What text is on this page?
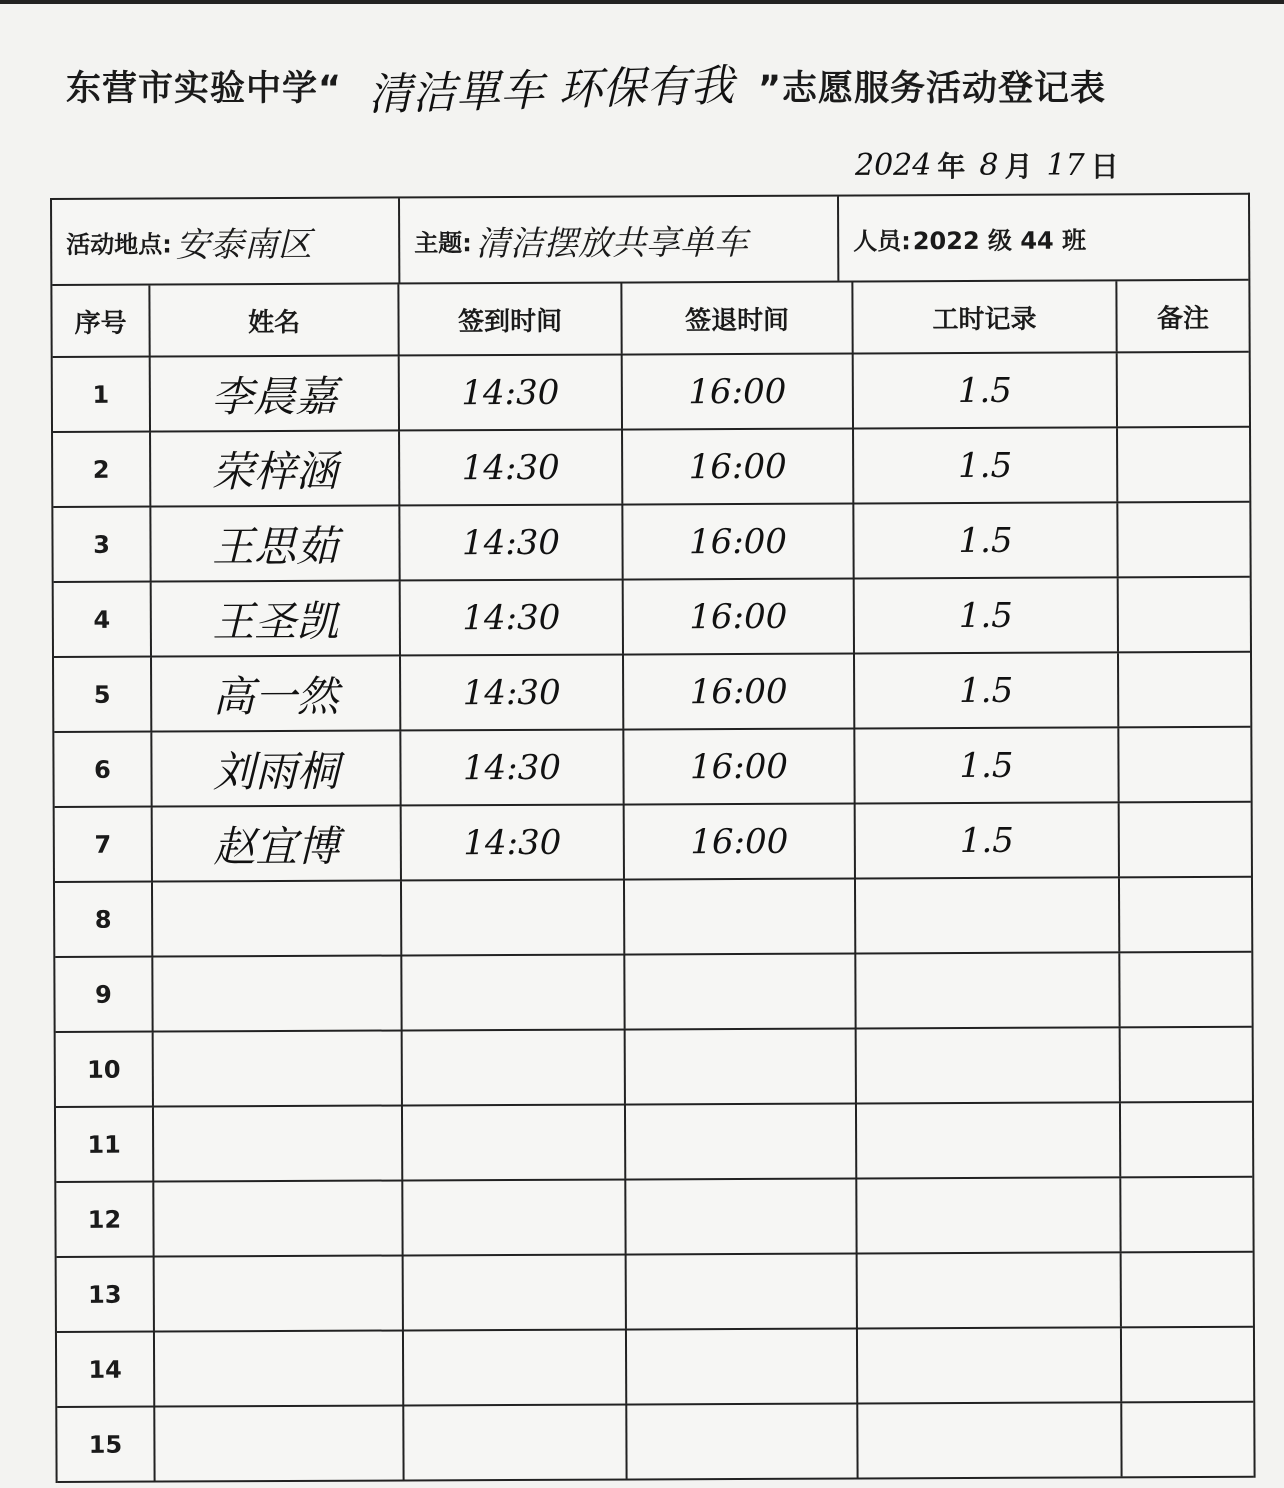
东营市实验中学“ 清洁單车 环保有我 ”志愿服务活动登记表
2024 年 8 月 17 日
活动地点: 安泰南区	主题: 清洁摆放共享单车	人员: 2022 级 44 班
序号	姓名	签到时间	签退时间	工时记录	备注
1 李晨嘉	14:30	16:00	1.5
2 荣梓涵	14:30	16:00	1.5
3 王思茹	14:30	16:00	1.5
4 王圣凯	14:30	16:00	1.5
5 高一然	14:30	16:00	1.5
6 刘雨桐	14:30	16:00	1.5
7 赵宜博	14:30	16:00	1.5
8
9
10
11
12
13
14
15
